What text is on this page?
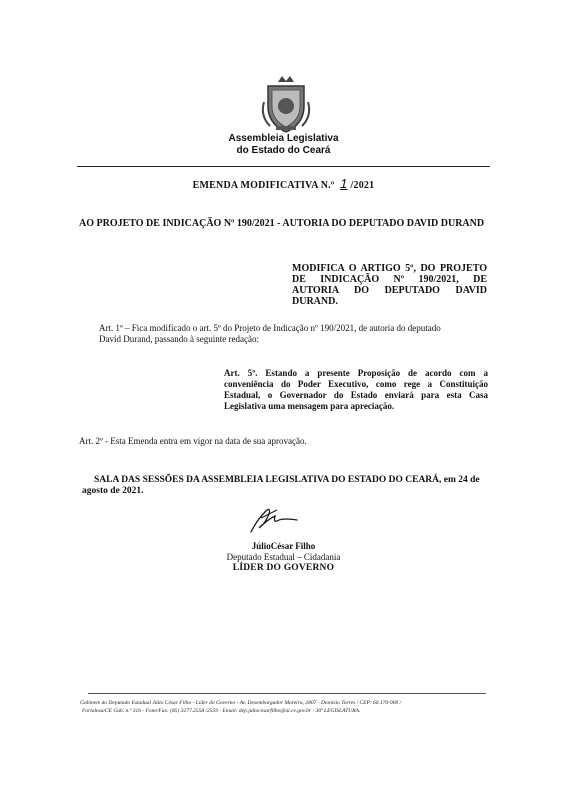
Assembleia Legislativa
do Estado do Ceará
EMENDA MODIFICATIVA N.º 1 /2021
AO PROJETO DE INDICAÇÃO Nº 190/2021 - AUTORIA DO DEPUTADO DAVID DURAND
MODIFICA O ARTIGO 5º, DO PROJETO DE INDICAÇÃO Nº 190/2021, DE AUTORIA DO DEPUTADO DAVID DURAND.
Art. 1º – Fica modificado o art. 5º do Projeto de Indicação nº 190/2021, de autoria do deputado
David Durand, passando à seguinte redação:
Art. 5º. Estando a presente Proposição de acordo com a conveniência do Poder Executivo, como rege a Constituição Estadual, o Governador do Estado enviará para esta Casa Legislativa uma mensagem para apreciação.
Art. 2º - Esta Emenda entra em vigor na data de sua aprovação.
SALA DAS SESSÕES DA ASSEMBLEIA LEGISLATIVA DO ESTADO DO CEARÁ, em 24 de agosto de 2021.
JúlioCésar Filho
Deputado Estadual – Cidadania
LÍDER DO GOVERNO
Gabinete do Deputado Estadual Júlio César Filho - Líder do Governo - Av. Desembargador Moreira, 2807 - Dionísio Torres / CEP: 60.170-900 /
Fortaleza/CE Gab. n.º 316 - Fone/Fax: (85) 3277.2558 /2559 - Email: dep.juliocesarfilho@al.ce.gov.br - 30ª LEGISLATURA.
